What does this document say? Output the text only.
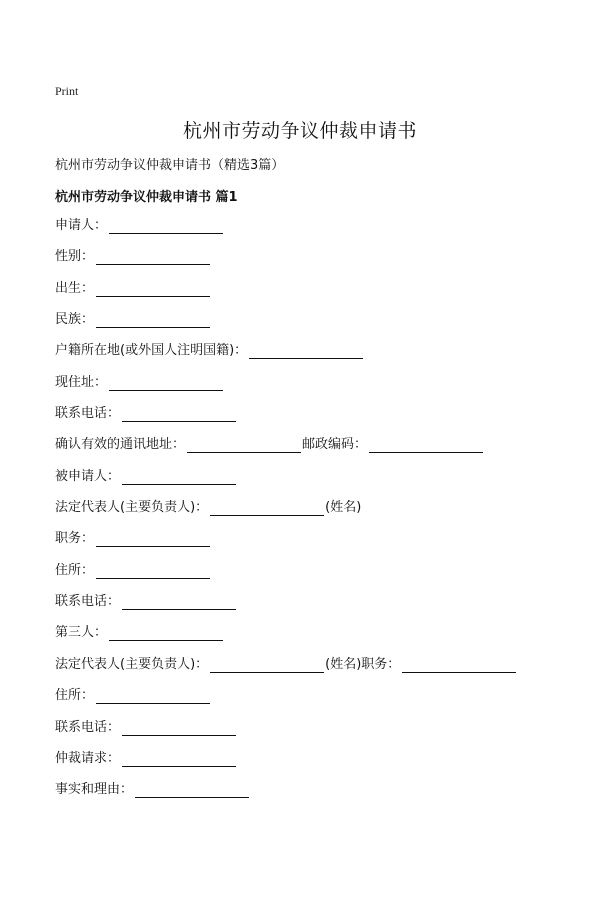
Print
杭州市劳动争议仲裁申请书
杭州市劳动争议仲裁申请书（精选3篇）
杭州市劳动争议仲裁申请书 篇1
申请人：
性别：
出生：
民族：
户籍所在地(或外国人注明国籍)：
现住址：
联系电话：
确认有效的通讯地址：	邮政编码：
被申请人：
法定代表人(主要负责人)：	(姓名)
职务：
住所：
联系电话：
第三人：
法定代表人(主要负责人)：	(姓名)职务：
住所：
联系电话：
仲裁请求：
事实和理由：
